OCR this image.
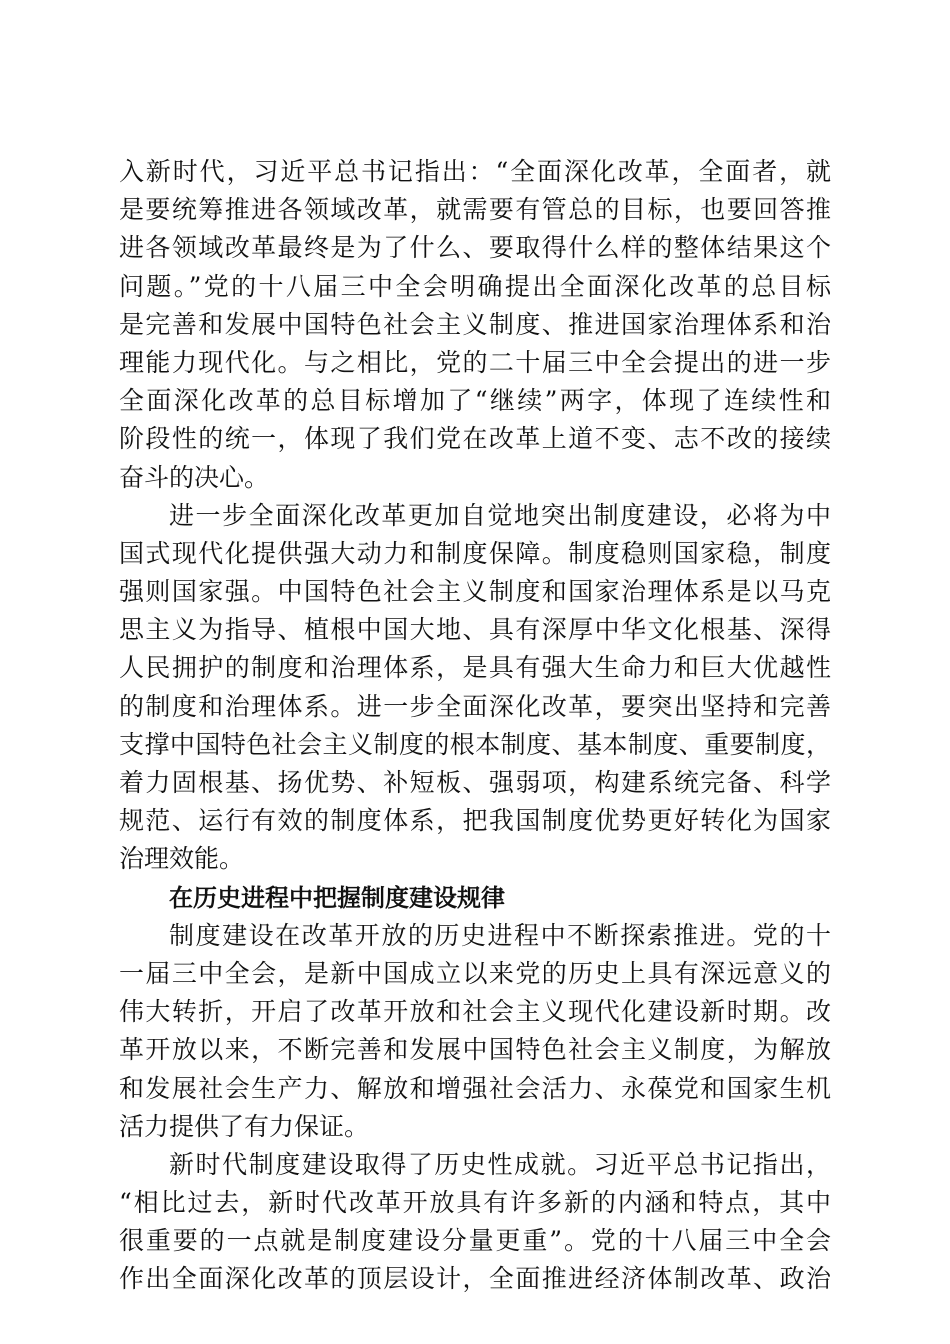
入新时代，习近平总书记指出：“全面深化改革，全面者，就
是要统筹推进各领域改革，就需要有管总的目标，也要回答推
进各领域改革最终是为了什么、要取得什么样的整体结果这个
问题。”党的十八届三中全会明确提出全面深化改革的总目标
是完善和发展中国特色社会主义制度、推进国家治理体系和治
理能力现代化。与之相比，党的二十届三中全会提出的进一步
全面深化改革的总目标增加了“继续”两字，体现了连续性和
阶段性的统一，体现了我们党在改革上道不变、志不改的接续
奋斗的决心。
进一步全面深化改革更加自觉地突出制度建设，必将为中
国式现代化提供强大动力和制度保障。制度稳则国家稳，制度
强则国家强。中国特色社会主义制度和国家治理体系是以马克
思主义为指导、植根中国大地、具有深厚中华文化根基、深得
人民拥护的制度和治理体系，是具有强大生命力和巨大优越性
的制度和治理体系。进一步全面深化改革，要突出坚持和完善
支撑中国特色社会主义制度的根本制度、基本制度、重要制度，
着力固根基、扬优势、补短板、强弱项，构建系统完备、科学
规范、运行有效的制度体系，把我国制度优势更好转化为国家
治理效能。
在历史进程中把握制度建设规律
制度建设在改革开放的历史进程中不断探索推进。党的十
一届三中全会，是新中国成立以来党的历史上具有深远意义的
伟大转折，开启了改革开放和社会主义现代化建设新时期。改
革开放以来，不断完善和发展中国特色社会主义制度，为解放
和发展社会生产力、解放和增强社会活力、永葆党和国家生机
活力提供了有力保证。
新时代制度建设取得了历史性成就。习近平总书记指出，
“相比过去，新时代改革开放具有许多新的内涵和特点，其中
很重要的一点就是制度建设分量更重”。党的十八届三中全会
作出全面深化改革的顶层设计，全面推进经济体制改革、政治
